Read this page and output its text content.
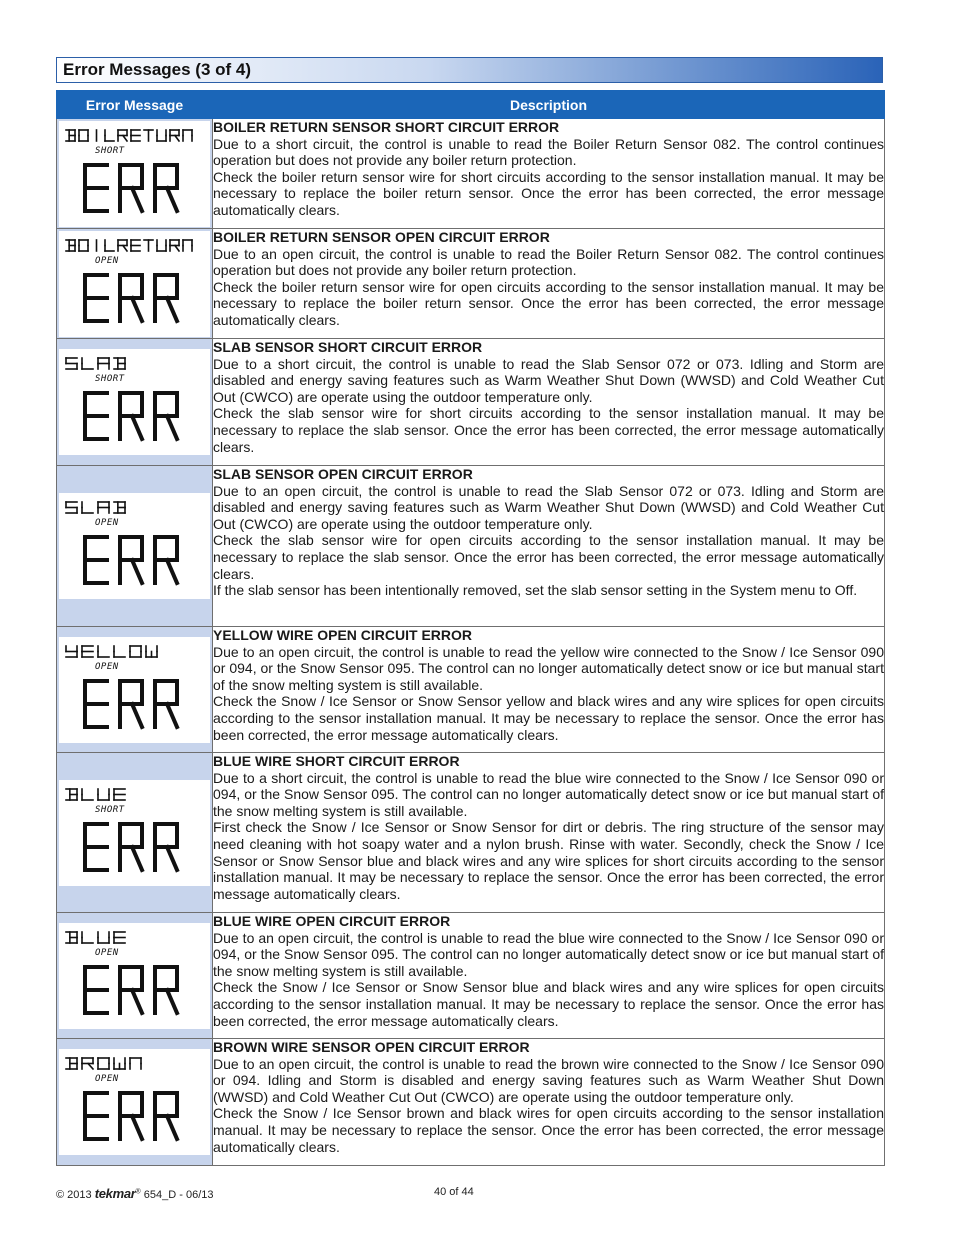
Error Messages (3 of 4)
Error Message	Description

SHORT	BOILER RETURN SENSOR SHORT CIRCUIT ERROR

Due to a short circuit, the control is unable to read the Boiler Return Sensor 082. The control continues operation but does not provide any boiler return protection.

Check the boiler return sensor wire for short circuits according to the sensor installation manual. It may be necessary to replace the boiler return sensor. Once the error has been corrected, the error message automatically clears.

OPEN	BOILER RETURN SENSOR OPEN CIRCUIT ERROR

Due to an open circuit, the control is unable to read the Boiler Return Sensor 082. The control continues operation but does not provide any boiler return protection.

Check the boiler return sensor wire for open circuits according to the sensor installation manual. It may be necessary to replace the boiler return sensor. Once the error has been corrected, the error message automatically clears.

SHORT	SLAB SENSOR SHORT CIRCUIT ERROR

Due to a short circuit, the control is unable to read the Slab Sensor 072 or 073. Idling and Storm are disabled and energy saving features such as Warm Weather Shut Down (WWSD) and Cold Weather Cut Out (CWCO) are operate using the outdoor temperature only.

Check the slab sensor wire for short circuits according to the sensor installation manual. It may be necessary to replace the slab sensor. Once the error has been corrected, the error message automatically clears.

OPEN	SLAB SENSOR OPEN CIRCUIT ERROR

Due to an open circuit, the control is unable to read the Slab Sensor 072 or 073. Idling and Storm are disabled and energy saving features such as Warm Weather Shut Down (WWSD) and Cold Weather Cut Out (CWCO) are operate using the outdoor temperature only.

Check the slab sensor wire for open circuits according to the sensor installation manual. It may be necessary to replace the slab sensor. Once the error has been corrected, the error message automatically clears.

If the slab sensor has been intentionally removed, set the slab sensor setting in the System menu to Off.

OPEN	YELLOW WIRE OPEN CIRCUIT ERROR

Due to an open circuit, the control is unable to read the yellow wire connected to the Snow / Ice Sensor 090 or 094, or the Snow Sensor 095. The control can no longer automatically detect snow or ice but manual start of the snow melting system is still available.

Check the Snow / Ice Sensor or Snow Sensor yellow and black wires and any wire splices for open circuits according to the sensor installation manual. It may be necessary to replace the sensor. Once the error has been corrected, the error message automatically clears.

SHORT	BLUE WIRE SHORT CIRCUIT ERROR

Due to a short circuit, the control is unable to read the blue wire connected to the Snow / Ice Sensor 090 or 094, or the Snow Sensor 095. The control can no longer automatically detect snow or ice but manual start of the snow melting system is still available.

First check the Snow / Ice Sensor or Snow Sensor for dirt or debris. The ring structure of the sensor may need cleaning with hot soapy water and a nylon brush. Rinse with water. Secondly, check the Snow / Ice Sensor or Snow Sensor blue and black wires and any wire splices for short circuits according to the sensor installation manual. It may be necessary to replace the sensor. Once the error has been corrected, the error message automatically clears.

OPEN	BLUE WIRE OPEN CIRCUIT ERROR

Due to an open circuit, the control is unable to read the blue wire connected to the Snow / Ice Sensor 090 or 094, or the Snow Sensor 095. The control can no longer automatically detect snow or ice but manual start of the snow melting system is still available.

Check the Snow / Ice Sensor or Snow Sensor blue and black wires and any wire splices for open circuits according to the sensor installation manual. It may be necessary to replace the sensor. Once the error has been corrected, the error message automatically clears.

OPEN	BROWN WIRE SENSOR OPEN CIRCUIT ERROR

Due to an open circuit, the control is unable to read the brown wire connected to the Snow / Ice Sensor 090 or 094. Idling and Storm is disabled and energy saving features such as Warm Weather Shut Down (WWSD) and Cold Weather Cut Out (CWCO) are operate using the outdoor temperature only.

Check the Snow / Ice Sensor brown and black wires for open circuits according to the sensor installation manual. It may be necessary to replace the sensor. Once the error has been corrected, the error message automatically clears.

© 2013 tekmar® 654_D - 06/13	40 of 44
